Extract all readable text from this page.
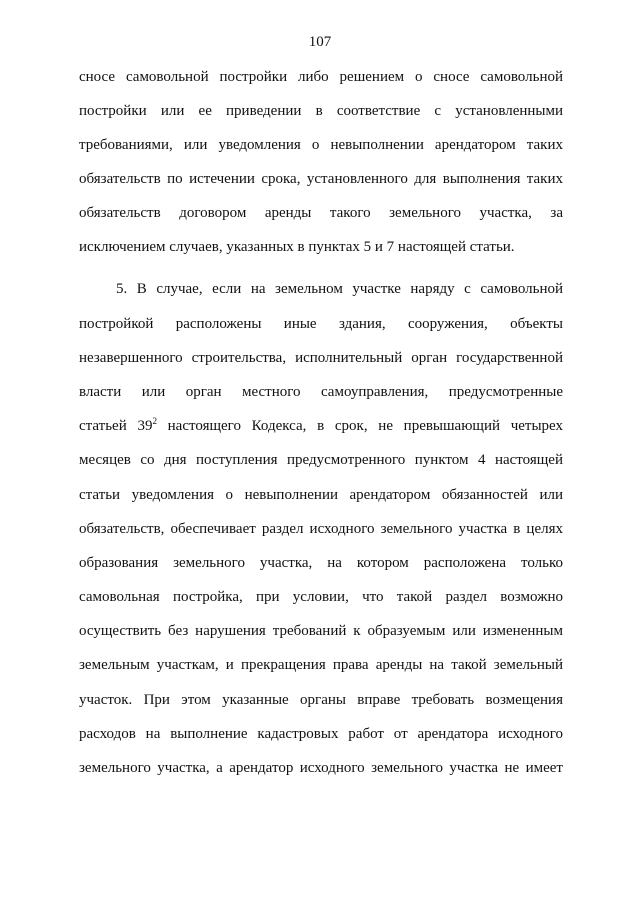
107
сносе самовольной постройки либо решением о сносе самовольной
постройки или ее приведении в соответствие с установленными
требованиями, или уведомления о невыполнении арендатором таких
обязательств по истечении срока, установленного для выполнения таких
обязательств договором аренды такого земельного участка, за
исключением случаев, указанных в пунктах 5 и 7 настоящей статьи.
5. В случае, если на земельном участке наряду с самовольной
постройкой расположены иные здания, сооружения, объекты
незавершенного строительства, исполнительный орган государственной
власти или орган местного самоуправления, предусмотренные
статьей $39^2$ настоящего Кодекса, в срок, не превышающий четырех
месяцев со дня поступления предусмотренного пунктом 4 настоящей
статьи уведомления о невыполнении арендатором обязанностей или
обязательств, обеспечивает раздел исходного земельного участка в целях
образования земельного участка, на котором расположена только
самовольная постройка, при условии, что такой раздел возможно
осуществить без нарушения требований к образуемым или измененным
земельным участкам, и прекращения права аренды на такой земельный
участок. При этом указанные органы вправе требовать возмещения
расходов на выполнение кадастровых работ от арендатора исходного
земельного участка, а арендатор исходного земельного участка не имеет
